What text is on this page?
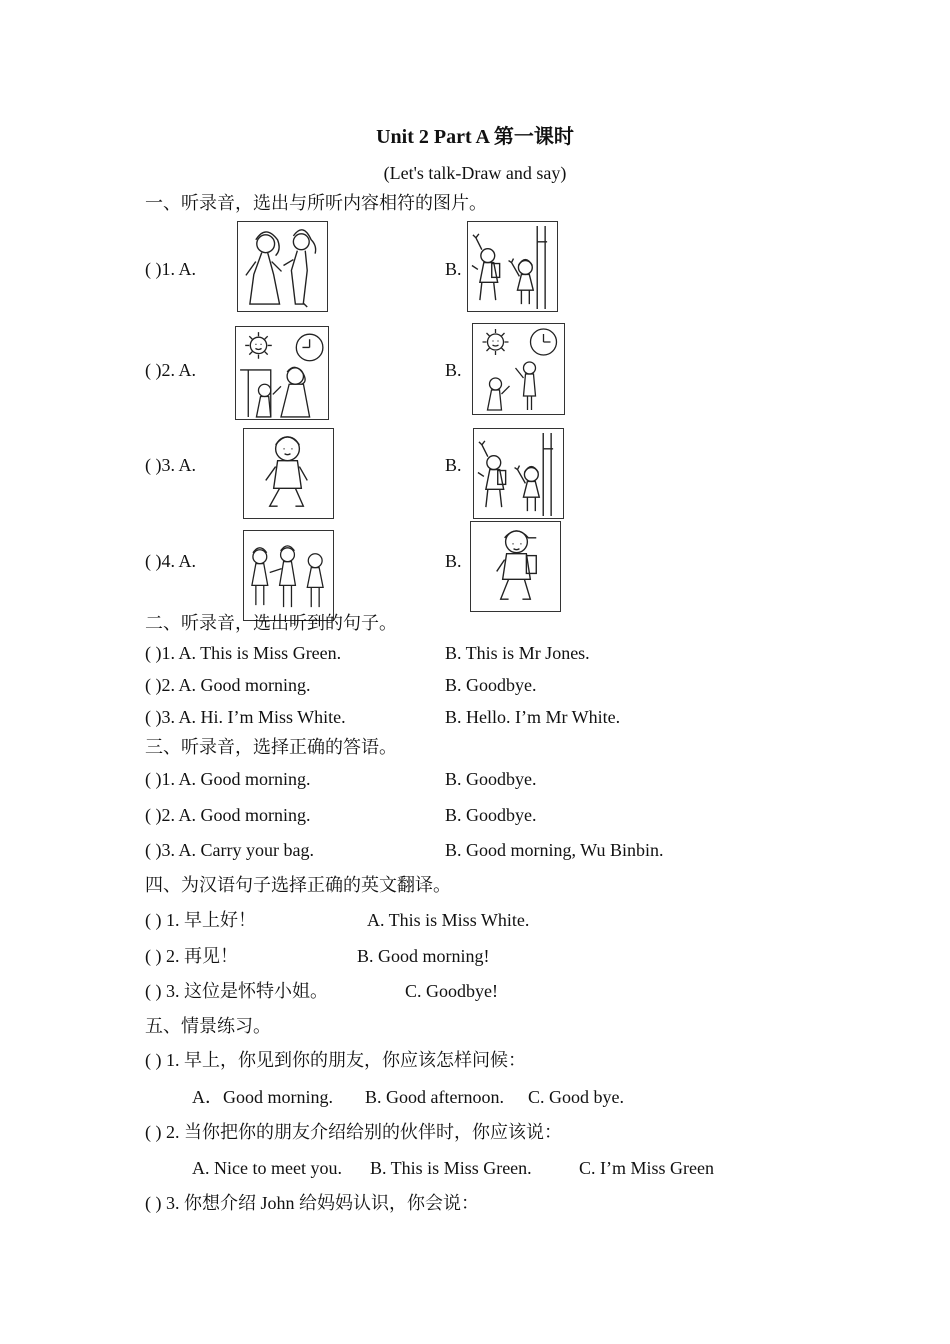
Unit 2 Part A 第一课时
(Let's talk-Draw and say)
一、听录音，选出与所听内容相符的图片。
( )1. A.	B.
( )2. A.	B.
( )3. A.	B.
( )4. A.	B.
二、听录音，选出听到的句子。
( )1. A. This is Miss Green.	B. This is Mr Jones.
( )2. A. Good morning.	B. Goodbye.
( )3. A. Hi. I’m Miss White.	B. Hello. I’m Mr White.
三、听录音，选择正确的答语。
( )1. A. Good morning.	B. Goodbye.
( )2. A. Good morning.	B. Goodbye.
( )3. A. Carry your bag.	B. Good morning, Wu Binbin.
四、为汉语句子选择正确的英文翻译。
( ) 1. 早上好！	A. This is Miss White.
( ) 2. 再见！	B. Good morning!
( ) 3. 这位是怀特小姐。	C. Goodbye!
五、情景练习。
( ) 1. 早上，你见到你的朋友，你应该怎样问候：
A．Good morning. B. Good afternoon. C. Good bye.
( ) 2. 当你把你的朋友介绍给别的伙伴时，你应该说：
A. Nice to meet you. B. This is Miss Green.	C. I’m Miss Green
( ) 3. 你想介绍 John 给妈妈认识，你会说：
